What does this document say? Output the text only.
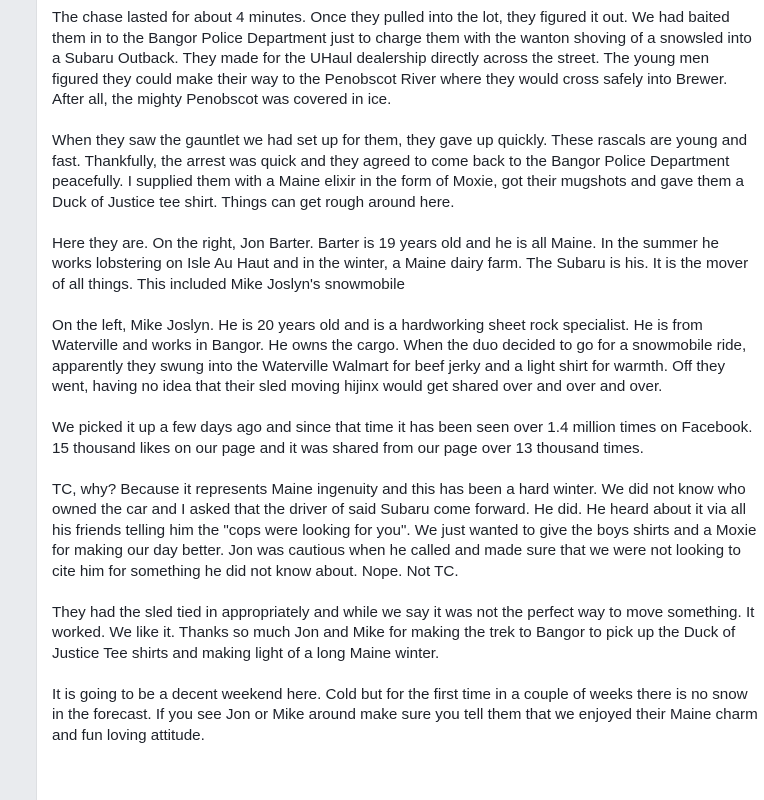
The chase lasted for about 4 minutes. Once they pulled into the lot, they figured it out. We had baited them in to the Bangor Police Department just to charge them with the wanton shoving of a snowsled into a Subaru Outback. They made for the UHaul dealership directly across the street. The young men figured they could make their way to the Penobscot River where they would cross safely into Brewer. After all, the mighty Penobscot was covered in ice.

When they saw the gauntlet we had set up for them, they gave up quickly. These rascals are young and fast. Thankfully, the arrest was quick and they agreed to come back to the Bangor Police Department peacefully. I supplied them with a Maine elixir in the form of Moxie, got their mugshots and gave them a Duck of Justice tee shirt. Things can get rough around here.

Here they are. On the right, Jon Barter. Barter is 19 years old and he is all Maine. In the summer he works lobstering on Isle Au Haut and in the winter, a Maine dairy farm. The Subaru is his. It is the mover of all things. This included Mike Joslyn's snowmobile

On the left, Mike Joslyn. He is 20 years old and is a hardworking sheet rock specialist. He is from Waterville and works in Bangor. He owns the cargo. When the duo decided to go for a snowmobile ride, apparently they swung into the Waterville Walmart for beef jerky and a light shirt for warmth. Off they went, having no idea that their sled moving hijinx would get shared over and over and over.

We picked it up a few days ago and since that time it has been seen over 1.4 million times on Facebook. 15 thousand likes on our page and it was shared from our page over 13 thousand times.

TC, why? Because it represents Maine ingenuity and this has been a hard winter. We did not know who owned the car and I asked that the driver of said Subaru come forward. He did. He heard about it via all his friends telling him the "cops were looking for you". We just wanted to give the boys shirts and a Moxie for making our day better. Jon was cautious when he called and made sure that we were not looking to cite him for something he did not know about. Nope. Not TC.

They had the sled tied in appropriately and while we say it was not the perfect way to move something. It worked. We like it. Thanks so much Jon and Mike for making the trek to Bangor to pick up the Duck of Justice Tee shirts and making light of a long Maine winter.

It is going to be a decent weekend here. Cold but for the first time in a couple of weeks there is no snow in the forecast. If you see Jon or Mike around make sure you tell them that we enjoyed their Maine charm and fun loving attitude.
